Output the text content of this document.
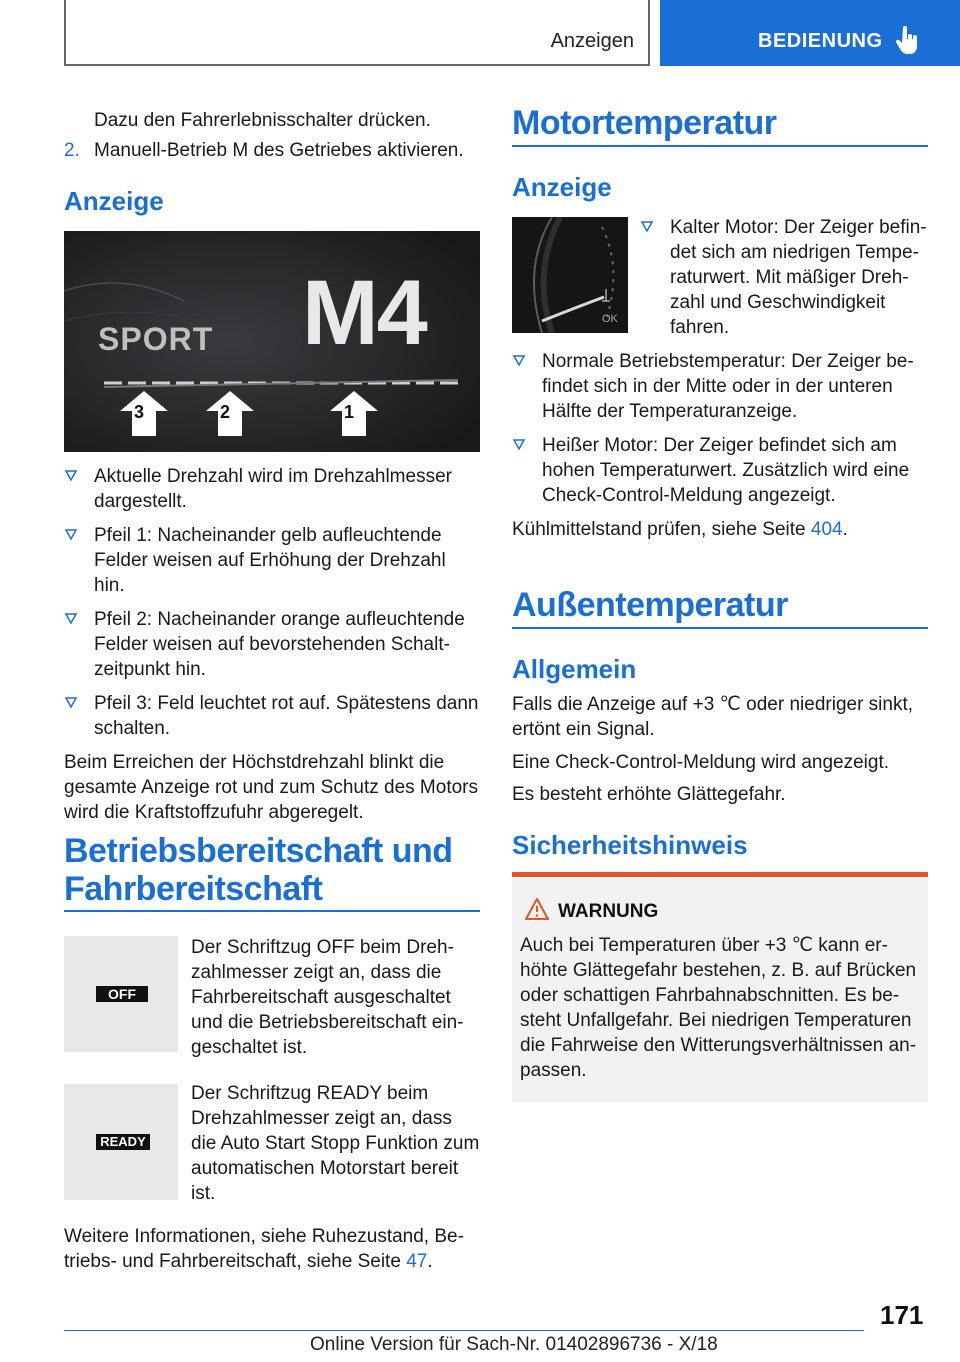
Anzeigen	BEDIENUNG
Dazu den Fahrerlebnisschalter drücken.
2. Manuell-Betrieb M des Getriebes aktivieren.
Anzeige
SPORT M4
3	2	1
Aktuelle Drehzahl wird im Drehzahlmesser dargestellt.
Pfeil 1: Nacheinander gelb aufleuchtende Felder weisen auf Erhöhung der Drehzahl hin.
Pfeil 2: Nacheinander orange aufleuchtende Felder weisen auf bevorstehenden Schaltzeitpunkt hin.
Pfeil 3: Feld leuchtet rot auf. Spätestens dann schalten.
Beim Erreichen der Höchstdrehzahl blinkt die gesamte Anzeige rot und zum Schutz des Motors wird die Kraftstoffzufuhr abgeregelt.
Betriebsbereitschaft und Fahrbereitschaft
OFF
Der Schriftzug OFF beim Drehzahlmesser zeigt an, dass die Fahrbereitschaft ausgeschaltet und die Betriebsbereitschaft eingeschaltet ist.
READY
Der Schriftzug READY beim Drehzahlmesser zeigt an, dass die Auto Start Stopp Funktion zum automatischen Motorstart bereit ist.
Weitere Informationen, siehe Ruhezustand, Betriebs- und Fahrbereitschaft, siehe Seite 47.
Motortemperatur
Anzeige
OK
Kalter Motor: Der Zeiger befindet sich am niedrigen Temperaturwert. Mit mäßiger Drehzahl und Geschwindigkeit fahren.
Normale Betriebstemperatur: Der Zeiger befindet sich in der Mitte oder in der unteren Hälfte der Temperaturanzeige.
Heißer Motor: Der Zeiger befindet sich am hohen Temperaturwert. Zusätzlich wird eine Check-Control-Meldung angezeigt.
Kühlmittelstand prüfen, siehe Seite 404.
Außentemperatur
Allgemein
Falls die Anzeige auf +3 ℃ oder niedriger sinkt, ertönt ein Signal.
Eine Check-Control-Meldung wird angezeigt.
Es besteht erhöhte Glättegefahr.
Sicherheitshinweis
WARNUNG
Auch bei Temperaturen über +3 ℃ kann erhöhte Glättegefahr bestehen, z. B. auf Brücken oder schattigen Fahrbahnabschnitten. Es besteht Unfallgefahr. Bei niedrigen Temperaturen die Fahrweise den Witterungsverhältnissen anpassen.
171
Online Version für Sach-Nr. 01402896736 - X/18
